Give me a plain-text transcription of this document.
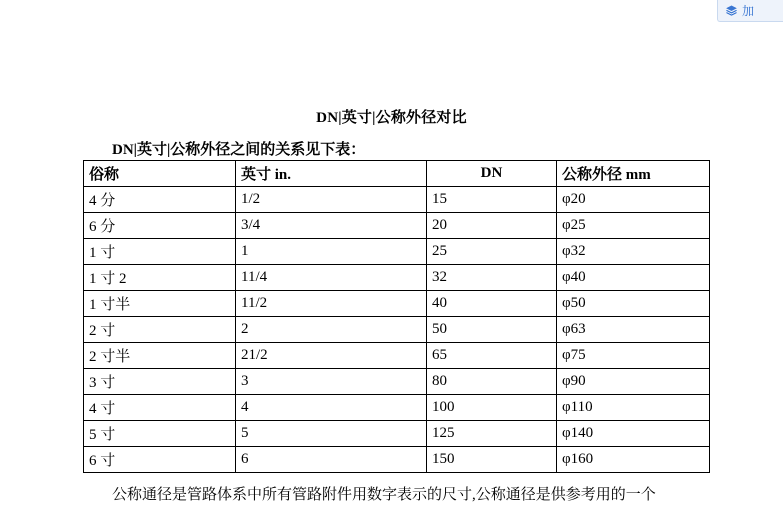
加
DN|英寸|公称外径对比
DN|英寸|公称外径之间的关系见下表：
俗称	英寸 in.	DN	公称外径 mm
4 分	1/2	15	φ20
6 分	3/4	20	φ25
1 寸	1	25	φ32
1 寸 2	11/4	32	φ40
1 寸半	11/2	40	φ50
2 寸	2	50	φ63
2 寸半	21/2	65	φ75
3 寸	3	80	φ90
4 寸	4	100	φ110
5 寸	5	125	φ140
6 寸	6	150	φ160
公称通径是管路体系中所有管路附件用数字表示的尺寸,公称通径是供参考用的一个
